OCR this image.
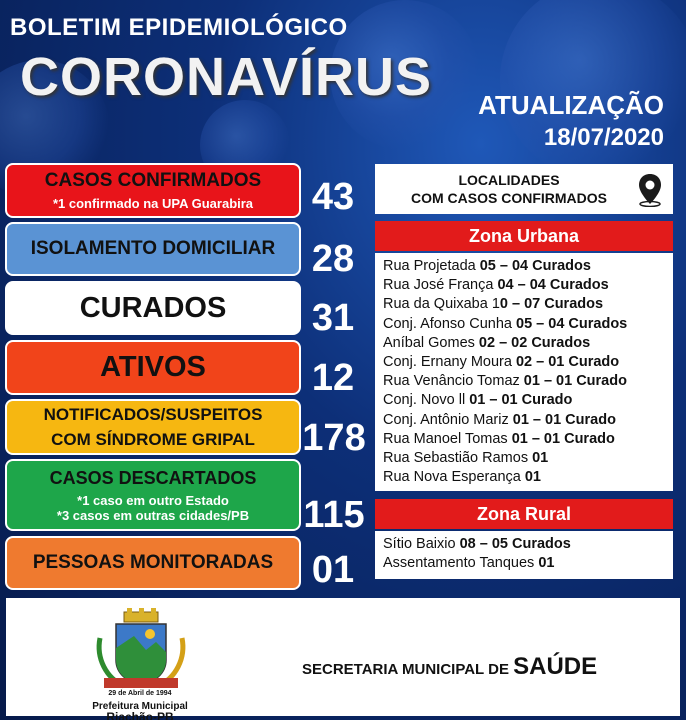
BOLETIM EPIDEMIOLÓGICO
CORONAVÍRUS ATUALIZAÇÃO
18/07/2020
CASOS CONFIRMADOS
*1 confirmado na UPA Guarabira	43
ISOLAMENTO DOMICILIAR 28
CURADOS	31
ATIVOS	12
NOTIFICADOS/SUSPEITOS
COM SÍNDROME GRIPAL 178
CASOS DESCARTADOS
*1 caso em outro Estado
*3 casos em outras cidades/PB 115
PESSOAS MONITORADAS	01
LOCALIDADES
COM CASOS CONFIRMADOS
Zona Urbana
Rua Projetada 05 – 04 Curados
Rua José França 04 – 04 Curados
Rua da Quixaba 10 – 07 Curados
Conj. Afonso Cunha 05 – 04 Curados
Aníbal Gomes 02 – 02 Curados
Conj. Ernany Moura 02 – 01 Curado
Rua Venâncio Tomaz 01 – 01 Curado
Conj. Novo ll 01 – 01 Curado
Conj. Antônio Mariz 01 – 01 Curado
Rua Manoel Tomas 01 – 01 Curado
Rua Sebastião Ramos 01
Rua Nova Esperança 01
Zona Rural
Sítio Baixio 08 – 05 Curados
Assentamento Tanques 01
29 de Abril de 1994
Prefeitura Municipal
Riachão-PB
SECRETARIA MUNICIPAL DE SAÚDE
